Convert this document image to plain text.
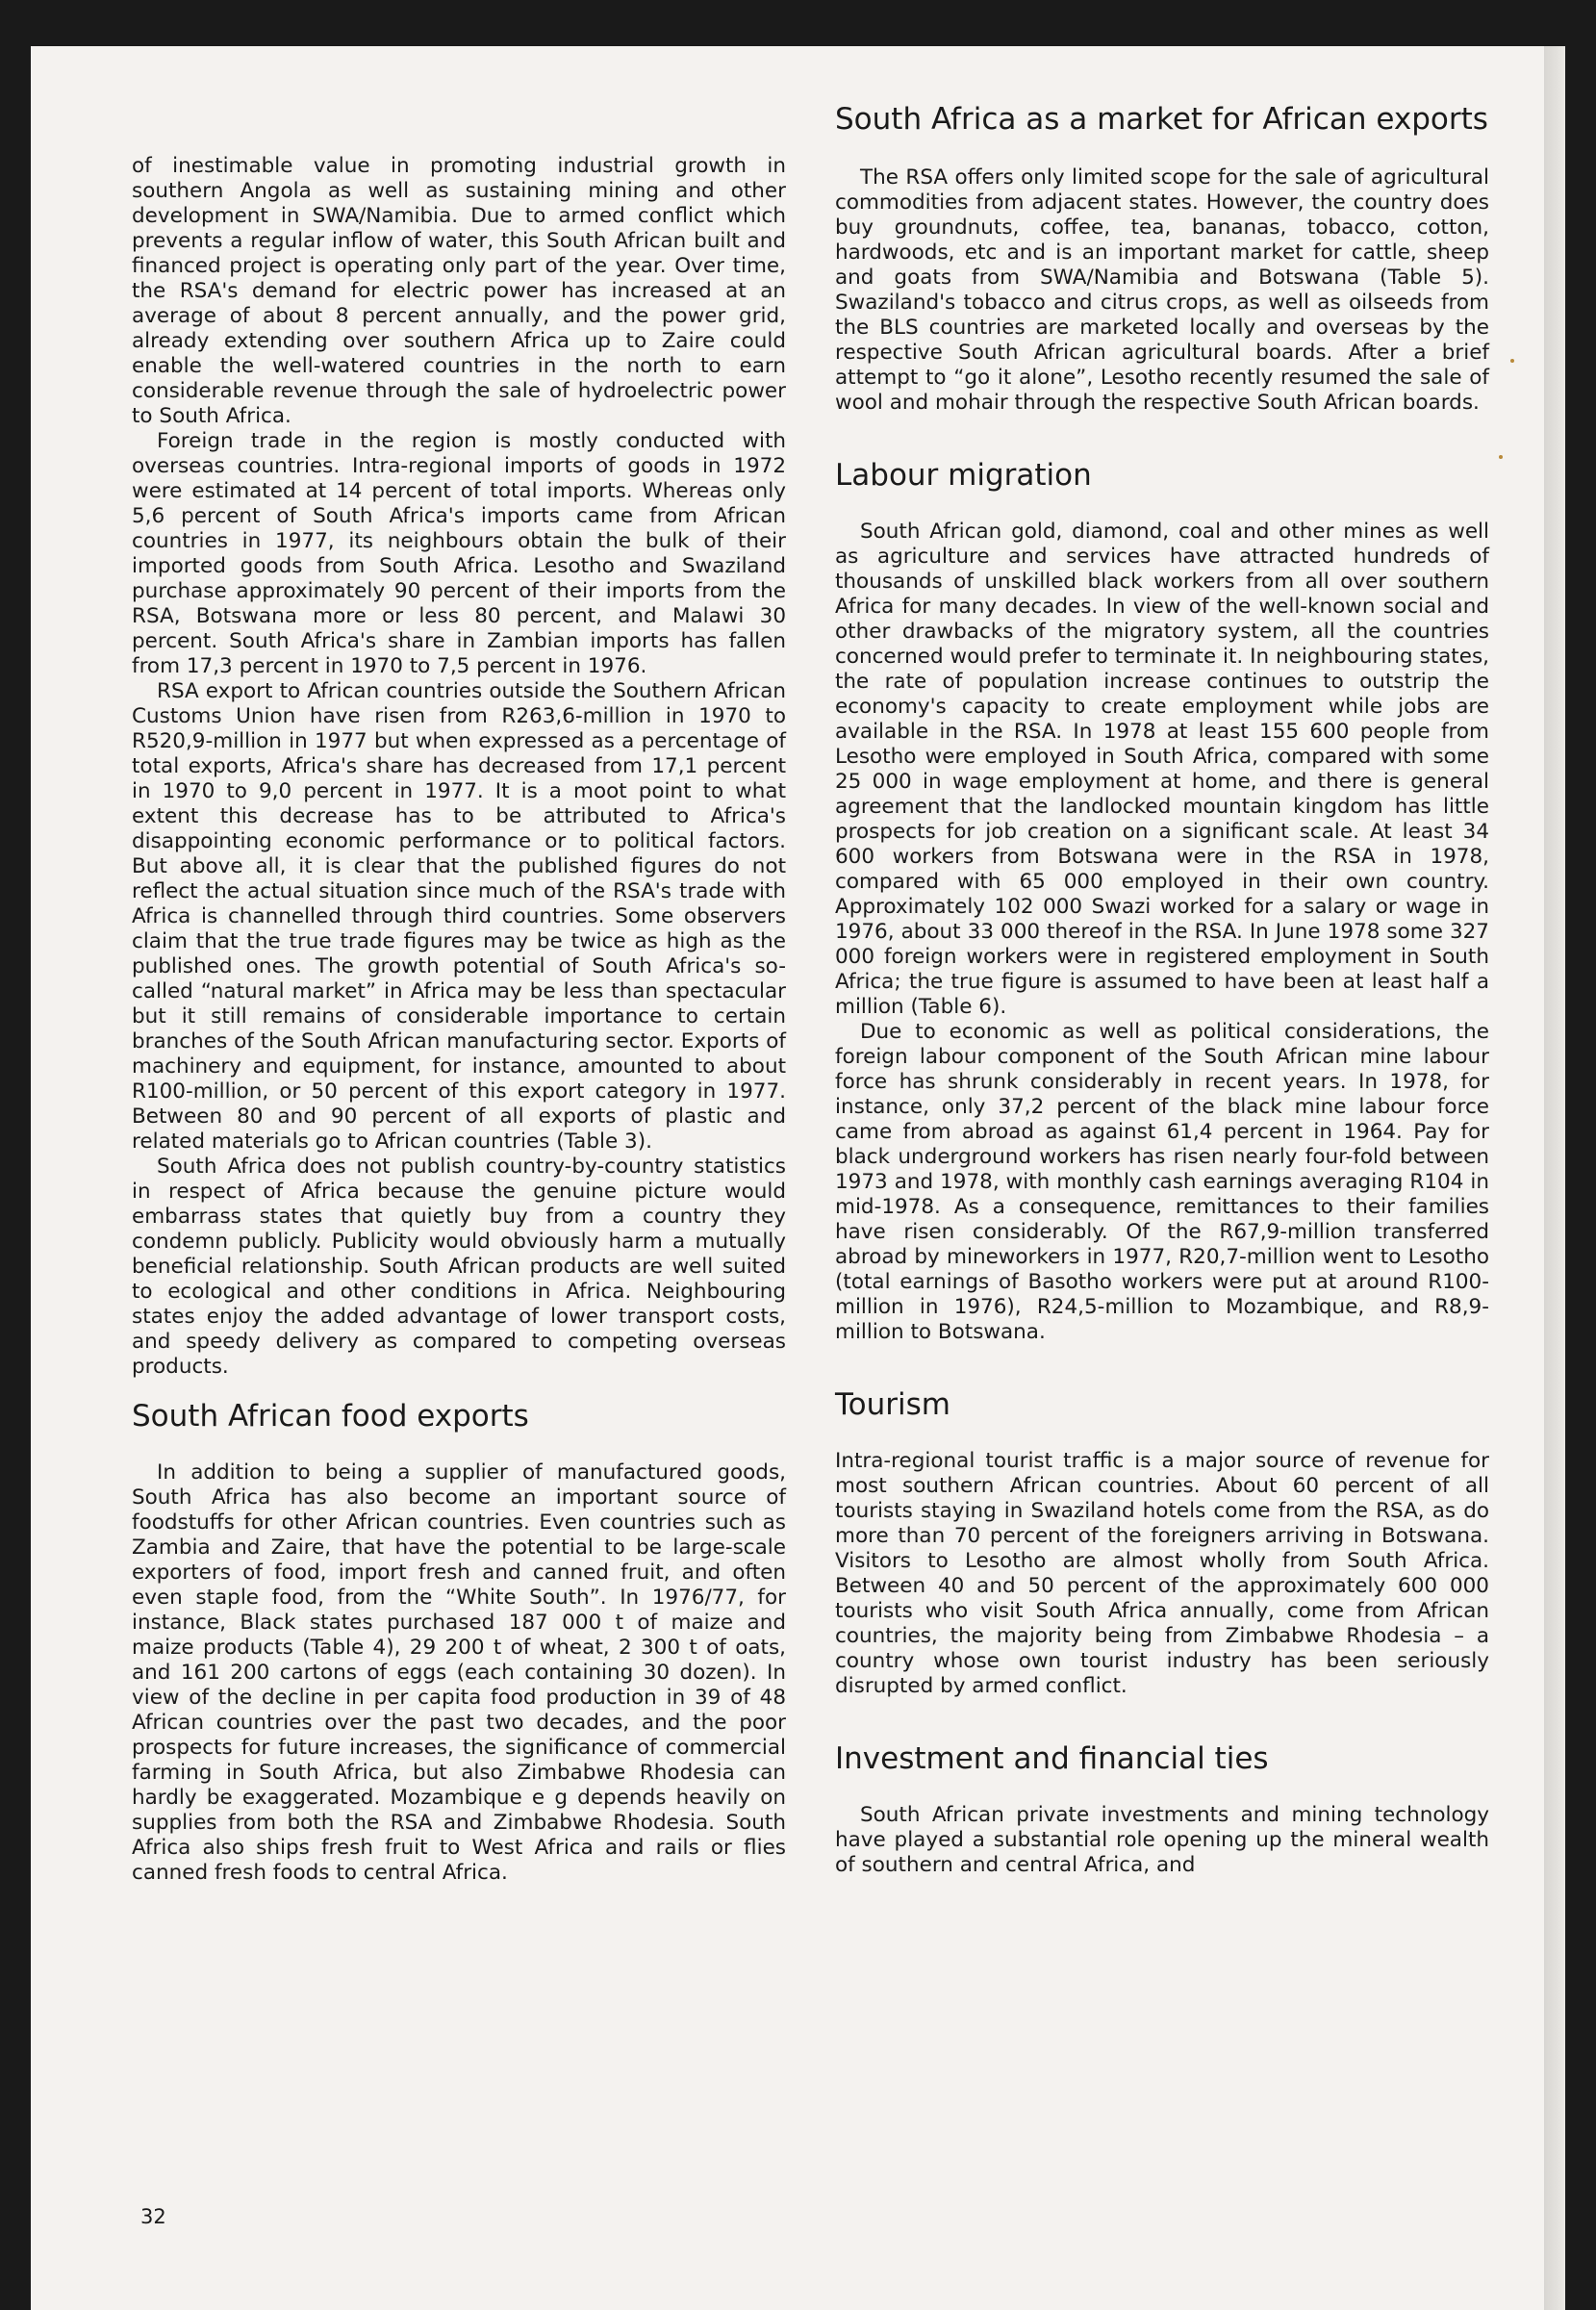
of inestimable value in promoting industrial growth in southern Angola as well as sustaining mining and other development in SWA/Namibia. Due to armed conflict which prevents a regular inflow of water, this South African built and financed project is operating only part of the year. Over time, the RSA's demand for electric power has increased at an average of about 8 percent annually, and the power grid, already extending over southern Africa up to Zaire could enable the well-watered countries in the north to earn considerable revenue through the sale of hydroelectric power to South Africa.

Foreign trade in the region is mostly conducted with overseas countries. Intra-regional imports of goods in 1972 were estimated at 14 percent of total imports. Whereas only 5,6 percent of South Africa's imports came from African countries in 1977, its neighbours obtain the bulk of their imported goods from South Africa. Lesotho and Swaziland purchase approximately 90 percent of their imports from the RSA, Botswana more or less 80 percent, and Malawi 30 percent. South Africa's share in Zambian imports has fallen from 17,3 percent in 1970 to 7,5 percent in 1976.

RSA export to African countries outside the Southern African Customs Union have risen from R263,6-million in 1970 to R520,9-million in 1977 but when expressed as a percentage of total exports, Africa's share has decreased from 17,1 percent in 1970 to 9,0 percent in 1977. It is a moot point to what extent this decrease has to be attributed to Africa's disappointing economic performance or to political factors. But above all, it is clear that the published figures do not reflect the actual situation since much of the RSA's trade with Africa is channelled through third countries. Some observers claim that the true trade figures may be twice as high as the published ones. The growth potential of South Africa's so-called “natural market” in Africa may be less than spectacular but it still remains of considerable importance to certain branches of the South African manufacturing sector. Exports of machinery and equipment, for instance, amounted to about R100-million, or 50 percent of this export category in 1977. Between 80 and 90 percent of all exports of plastic and related materials go to African countries (Table 3).

South Africa does not publish country-by-country statistics in respect of Africa because the genuine picture would embarrass states that quietly buy from a country they condemn publicly. Publicity would obviously harm a mutually beneficial relationship. South African products are well suited to ecological and other conditions in Africa. Neighbouring states enjoy the added advantage of lower transport costs, and speedy delivery as compared to competing overseas products.

South African food exports

In addition to being a supplier of manufactured goods, South Africa has also become an important source of foodstuffs for other African countries. Even countries such as Zambia and Zaire, that have the potential to be large-scale exporters of food, import fresh and canned fruit, and often even staple food, from the “White South”. In 1976/77, for instance, Black states purchased 187 000 t of maize and maize products (Table 4), 29 200 t of wheat, 2 300 t of oats, and 161 200 cartons of eggs (each containing 30 dozen). In view of the decline in per capita food production in 39 of 48 African countries over the past two decades, and the poor prospects for future increases, the significance of commercial farming in South Africa, but also Zimbabwe Rhodesia can hardly be exaggerated. Mozambique e g depends heavily on supplies from both the RSA and Zimbabwe Rhodesia. South Africa also ships fresh fruit to West Africa and rails or flies canned fresh foods to central Africa.

South Africa as a market for African exports

The RSA offers only limited scope for the sale of agricultural commodities from adjacent states. However, the country does buy groundnuts, coffee, tea, bananas, tobacco, cotton, hardwoods, etc and is an important market for cattle, sheep and goats from SWA/Namibia and Botswana (Table 5). Swaziland's tobacco and citrus crops, as well as oilseeds from the BLS countries are marketed locally and overseas by the respective South African agricultural boards. After a brief attempt to “go it alone”, Lesotho recently resumed the sale of wool and mohair through the respective South African boards.

Labour migration

South African gold, diamond, coal and other mines as well as agriculture and services have attracted hundreds of thousands of unskilled black workers from all over southern Africa for many decades. In view of the well-known social and other drawbacks of the migratory system, all the countries concerned would prefer to terminate it. In neighbouring states, the rate of population increase continues to outstrip the economy's capacity to create employment while jobs are available in the RSA. In 1978 at least 155 600 people from Lesotho were employed in South Africa, compared with some 25 000 in wage employment at home, and there is general agreement that the landlocked mountain kingdom has little prospects for job creation on a significant scale. At least 34 600 workers from Botswana were in the RSA in 1978, compared with 65 000 employed in their own country. Approximately 102 000 Swazi worked for a salary or wage in 1976, about 33 000 thereof in the RSA. In June 1978 some 327 000 foreign workers were in registered employment in South Africa; the true figure is assumed to have been at least half a million (Table 6).

Due to economic as well as political considerations, the foreign labour component of the South African mine labour force has shrunk considerably in recent years. In 1978, for instance, only 37,2 percent of the black mine labour force came from abroad as against 61,4 percent in 1964. Pay for black underground workers has risen nearly four-fold between 1973 and 1978, with monthly cash earnings averaging R104 in mid-1978. As a consequence, remittances to their families have risen considerably. Of the R67,9-million transferred abroad by mineworkers in 1977, R20,7-million went to Lesotho (total earnings of Basotho workers were put at around R100-million in 1976), R24,5-million to Mozambique, and R8,9-million to Botswana.

Tourism

Intra-regional tourist traffic is a major source of revenue for most southern African countries. About 60 percent of all tourists staying in Swaziland hotels come from the RSA, as do more than 70 percent of the foreigners arriving in Botswana. Visitors to Lesotho are almost wholly from South Africa. Between 40 and 50 percent of the approximately 600 000 tourists who visit South Africa annually, come from African countries, the majority being from Zimbabwe Rhodesia – a country whose own tourist industry has been seriously disrupted by armed conflict.

Investment and financial ties

South African private investments and mining technology have played a substantial role opening up the mineral wealth of southern and central Africa, and

32
